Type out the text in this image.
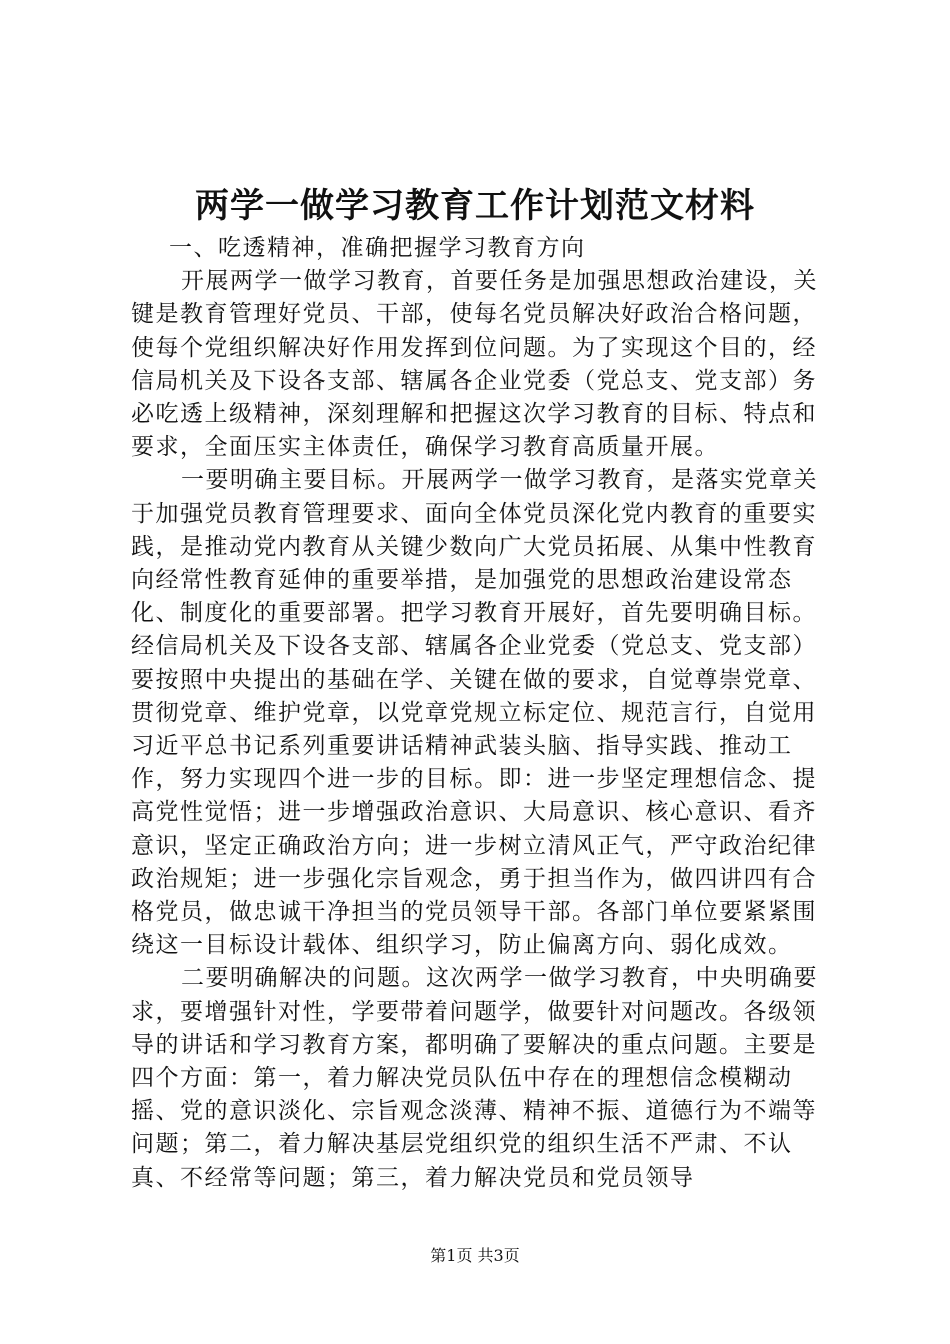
两学一做学习教育工作计划范文材料

一、吃透精神，准确把握学习教育方向

开展两学一做学习教育，首要任务是加强思想政治建设，关键是教育管理好党员、干部，使每名党员解决好政治合格问题，使每个党组织解决好作用发挥到位问题。为了实现这个目的，经信局机关及下设各支部、辖属各企业党委（党总支、党支部）务必吃透上级精神，深刻理解和把握这次学习教育的目标、特点和要求，全面压实主体责任，确保学习教育高质量开展。

一要明确主要目标。开展两学一做学习教育，是落实党章关于加强党员教育管理要求、面向全体党员深化党内教育的重要实践，是推动党内教育从关键少数向广大党员拓展、从集中性教育向经常性教育延伸的重要举措，是加强党的思想政治建设常态化、制度化的重要部署。把学习教育开展好，首先要明确目标。经信局机关及下设各支部、辖属各企业党委（党总支、党支部）要按照中央提出的基础在学、关键在做的要求，自觉尊崇党章、贯彻党章、维护党章，以党章党规立标定位、规范言行，自觉用习近平总书记系列重要讲话精神武装头脑、指导实践、推动工作，努力实现四个进一步的目标。即：进一步坚定理想信念、提高党性觉悟；进一步增强政治意识、大局意识、核心意识、看齐意识，坚定正确政治方向；进一步树立清风正气，严守政治纪律政治规矩；进一步强化宗旨观念，勇于担当作为，做四讲四有合格党员，做忠诚干净担当的党员领导干部。各部门单位要紧紧围绕这一目标设计载体、组织学习，防止偏离方向、弱化成效。

二要明确解决的问题。这次两学一做学习教育，中央明确要求，要增强针对性，学要带着问题学，做要针对问题改。各级领导的讲话和学习教育方案，都明确了要解决的重点问题。主要是四个方面：第一，着力解决党员队伍中存在的理想信念模糊动摇、党的意识淡化、宗旨观念淡薄、精神不振、道德行为不端等问题；第二，着力解决基层党组织党的组织生活不严肃、不认真、不经常等问题；第三，着力解决党员和党员领导

第1页 共3页
